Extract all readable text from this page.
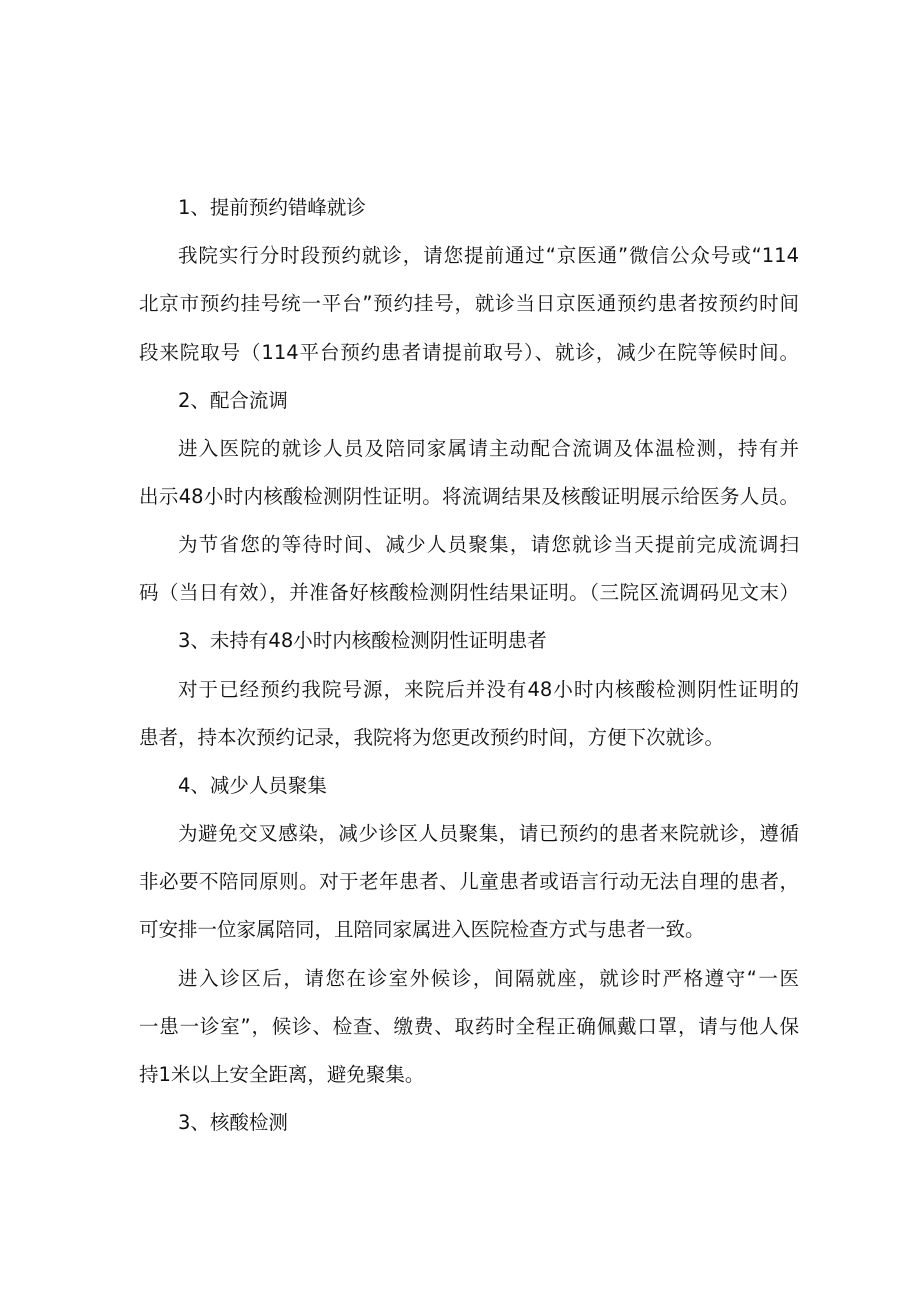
1、提前预约错峰就诊
我院实行分时段预约就诊，请您提前通过“京医通”微信公众号或“114
北京市预约挂号统一平台”预约挂号，就诊当日京医通预约患者按预约时间
段来院取号（114平台预约患者请提前取号）、就诊，减少在院等候时间。
2、配合流调
进入医院的就诊人员及陪同家属请主动配合流调及体温检测，持有并
出示48小时内核酸检测阴性证明。将流调结果及核酸证明展示给医务人员。
为节省您的等待时间、减少人员聚集，请您就诊当天提前完成流调扫
码（当日有效），并准备好核酸检测阴性结果证明。（三院区流调码见文末）
3、未持有48小时内核酸检测阴性证明患者
对于已经预约我院号源，来院后并没有48小时内核酸检测阴性证明的
患者，持本次预约记录，我院将为您更改预约时间，方便下次就诊。
4、减少人员聚集
为避免交叉感染，减少诊区人员聚集，请已预约的患者来院就诊，遵循
非必要不陪同原则。对于老年患者、儿童患者或语言行动无法自理的患者，
可安排一位家属陪同，且陪同家属进入医院检查方式与患者一致。
进入诊区后，请您在诊室外候诊，间隔就座，就诊时严格遵守“一医
一患一诊室”，候诊、检查、缴费、取药时全程正确佩戴口罩，请与他人保
持1米以上安全距离，避免聚集。
3、核酸检测
